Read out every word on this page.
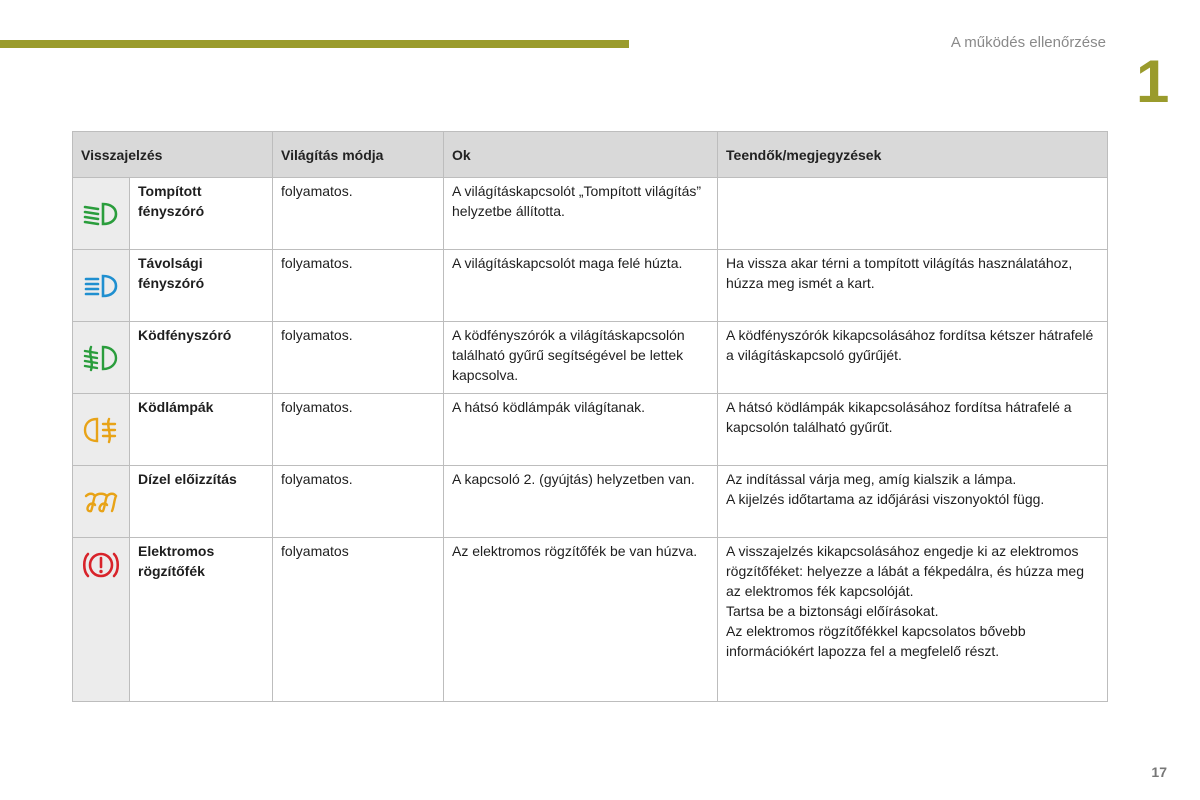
A működés ellenőrzése
1
Visszajelzés		Világítás módja	Ok	Teendők/megjegyzések

	Tompított fényszóró	folyamatos.	A világításkapcsolót „Tompított világítás” helyzetbe állította.	

	Távolsági fényszóró	folyamatos.	A világításkapcsolót maga felé húzta.	Ha vissza akar térni a tompított világítás használatához, húzza meg ismét a kart.

	Ködfényszóró	folyamatos.	A ködfényszórók a világításkapcsolón található gyűrű segítségével be lettek kapcsolva.	A ködfényszórók kikapcsolásához fordítsa kétszer hátrafelé a világításkapcsoló gyűrűjét.

	Ködlámpák	folyamatos.	A hátsó ködlámpák világítanak.	A hátsó ködlámpák kikapcsolásához fordítsa hátrafelé a kapcsolón található gyűrűt.

	Dízel előizzítás	folyamatos.	A kapcsoló 2. (gyújtás) helyzetben van.	Az indítással várja meg, amíg kialszik a lámpa.
A kijelzés időtartama az időjárási viszonyoktól függ.

	Elektromos rögzítőfék	folyamatos	Az elektromos rögzítőfék be van húzva.	A visszajelzés kikapcsolásához engedje ki az elektromos rögzítőféket: helyezze a lábát a fékpedálra, és húzza meg az elektromos fék kapcsolóját.
Tartsa be a biztonsági előírásokat.
Az elektromos rögzítőfékkel kapcsolatos bővebb információkért lapozza fel a megfelelő részt.
17
